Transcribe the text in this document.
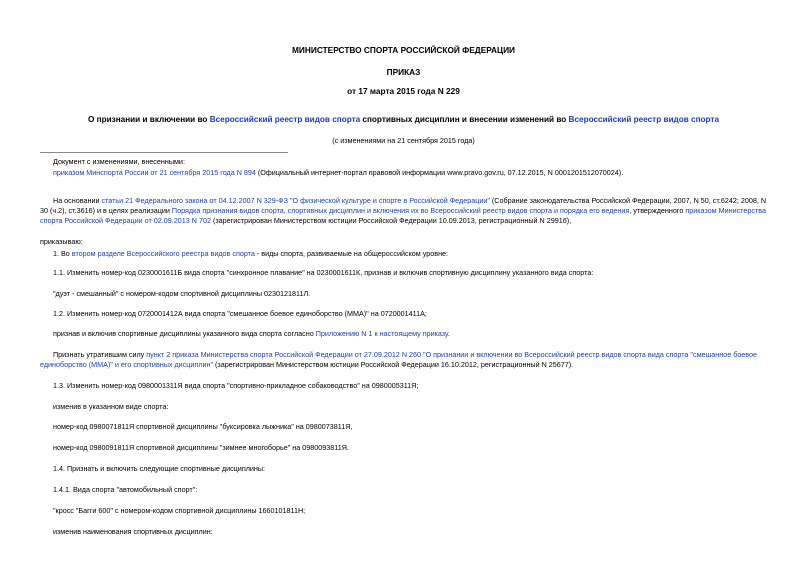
МИНИСТЕРСТВО СПОРТА РОССИЙСКОЙ ФЕДЕРАЦИИ
ПРИКАЗ
от 17 марта 2015 года N 229
О признании и включении во Всероссийский реестр видов спорта спортивных дисциплин и внесении изменений во Всероссийский реестр видов спорта
(с изменениями на 21 сентября 2015 года)
Документ с изменениями, внесенными:
приказом Минспорта России от 21 сентября 2015 года N 894 (Официальный интернет-портал правовой информации www.pravo.gov.ru, 07.12.2015, N 0001201512070024).
На основании статьи 21 Федерального закона от 04.12.2007 N 329-ФЗ "О физической культуре и спорте в Российской Федерации" (Собрание законодательства Российской Федерации, 2007, N 50, ст.6242; 2008, N
30 (ч.2), ст.3616) и в целях реализации Порядка признания видов спорта, спортивных дисциплин и включения их во Всероссийский реестр видов спорта и порядка его ведения, утвержденного приказом Министерства
спорта Российской Федерации от 02.09.2013 N 702 (зарегистрирован Министерством юстиции Российской Федерации 10.09.2013, регистрационный N 29916),
приказываю:
1. Во втором разделе Всероссийского реестра видов спорта - виды спорта, развиваемые на общероссийском уровне:
1.1. Изменить номер-код 0230001611Б вида спорта "синхронное плавание" на 0230001611К, признав и включив спортивную дисциплину указанного вида спорта:
"дуэт - смешанный" с номером-кодом спортивной дисциплины 0230121811Л.
1.2. Изменить номер-код 0720001412А вида спорта "смешанное боевое единоборство (ММА)" на 0720001411А;
признав и включив спортивные дисциплины указанного вида спорта согласно Приложению N 1 к настоящему приказу.
Признать утратившим силу пункт 2 приказа Министерства спорта Российской Федерации от 27.09.2012 N 260 "О признании и включении во Всероссийский реестр видов спорта вида спорта "смешанное боевое
единоборство (ММА)" и его спортивных дисциплин" (зарегистрирован Министерством юстиции Российской Федерации 16.10.2012, регистрационный N 25677).
1.3. Изменить номер-код 0980001311Я вида спорта "спортивно-прикладное собаководство" на 0980005311Я;
изменив в указанном виде спорта:
номер-код 0980071811Я спортивной дисциплины "буксировка лыжника" на 0980073811Я,
номер-код 0980091811Я спортивной дисциплины "зимнее многоборье" на 0980093811Я.
1.4. Признать и включить следующие спортивные дисциплины:
1.4.1. Вида спорта "автомобильный спорт":
"кросс "Багги 600" с номером-кодом спортивной дисциплины 1660101811Н;
изменив наименования спортивных дисциплин:
